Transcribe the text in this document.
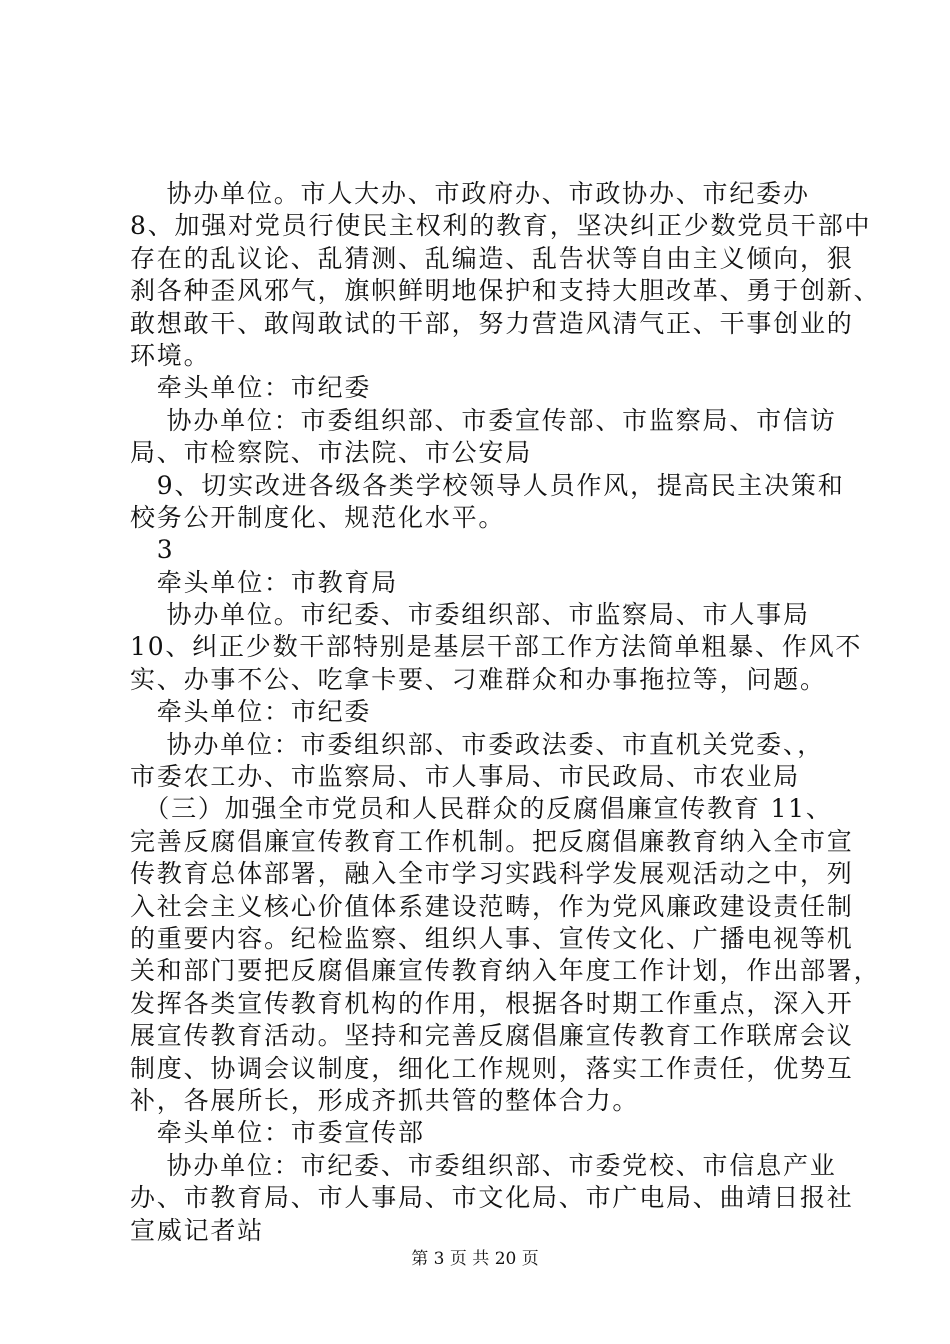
　 协办单位。市人大办、市政府办、市政协办、市纪委办
8、加强对党员行使民主权利的教育，坚决纠正少数党员干部中
存在的乱议论、乱猜测、乱编造、乱告状等自由主义倾向，狠
刹各种歪风邪气，旗帜鲜明地保护和支持大胆改革、勇于创新、
敢想敢干、敢闯敢试的干部，努力营造风清气正、干事创业的
环境。
　牵头单位：市纪委
　 协办单位：市委组织部、市委宣传部、市监察局、市信访
局、市检察院、市法院、市公安局
　9、切实改进各级各类学校领导人员作风，提高民主决策和
校务公开制度化、规范化水平。
　3
　牵头单位：市教育局
　 协办单位。市纪委、市委组织部、市监察局、市人事局
10、纠正少数干部特别是基层干部工作方法简单粗暴、作风不
实、办事不公、吃拿卡要、刁难群众和办事拖拉等，问题。
　牵头单位：市纪委
　 协办单位：市委组织部、市委政法委、市直机关党委、，
市委农工办、市监察局、市人事局、市民政局、市农业局
　（三）加强全市党员和人民群众的反腐倡廉宣传教育 11、
完善反腐倡廉宣传教育工作机制。把反腐倡廉教育纳入全市宣
传教育总体部署，融入全市学习实践科学发展观活动之中，列
入社会主义核心价值体系建设范畴，作为党风廉政建设责任制
的重要内容。纪检监察、组织人事、宣传文化、广播电视等机
关和部门要把反腐倡廉宣传教育纳入年度工作计划，作出部署，
发挥各类宣传教育机构的作用，根据各时期工作重点，深入开
展宣传教育活动。坚持和完善反腐倡廉宣传教育工作联席会议
制度、协调会议制度，细化工作规则，落实工作责任，优势互
补，各展所长，形成齐抓共管的整体合力。
　牵头单位：市委宣传部
　 协办单位：市纪委、市委组织部、市委党校、市信息产业
办、市教育局、市人事局、市文化局、市广电局、曲靖日报社
宣威记者站
第 3 页 共 20 页
